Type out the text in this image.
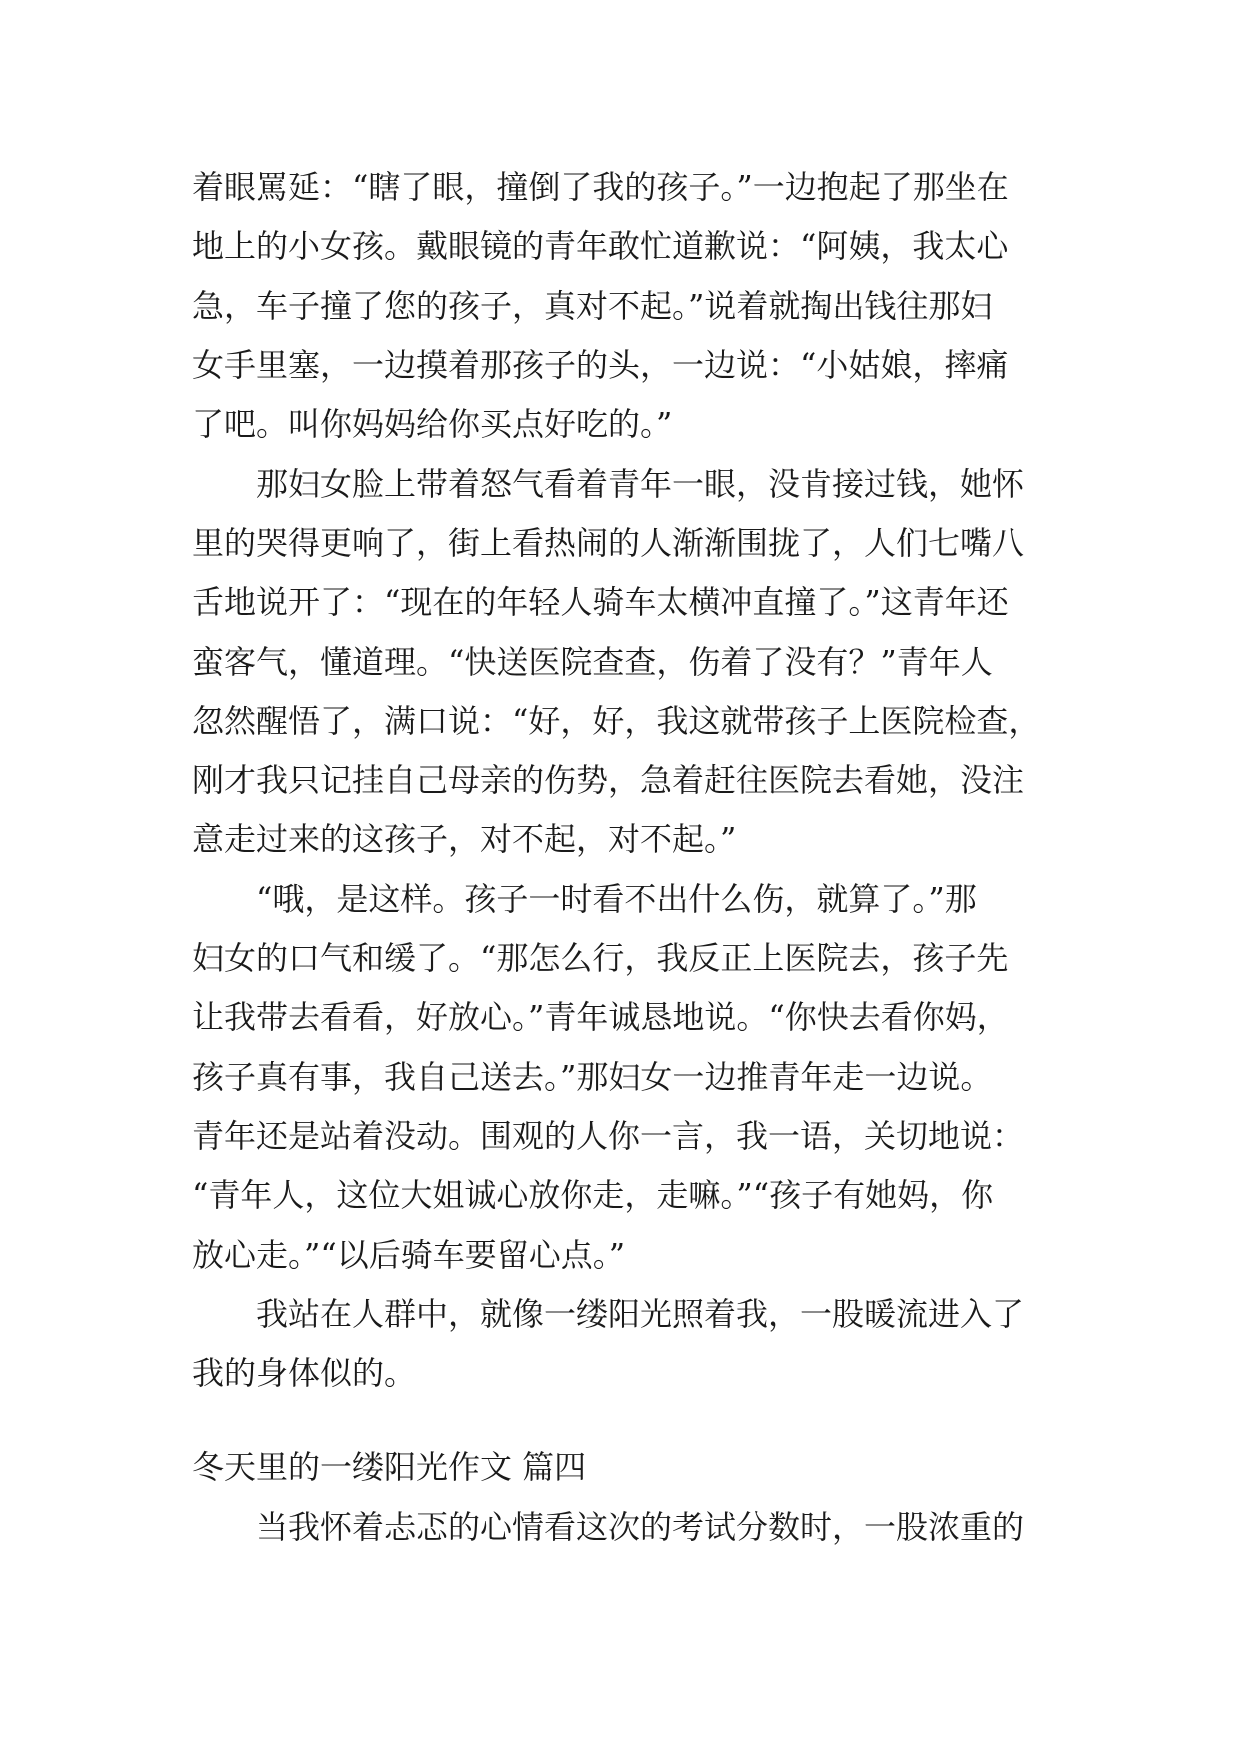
着眼罵延：“瞎了眼，撞倒了我的孩子。”一边抱起了那坐在
地上的小女孩。戴眼镜的青年敢忙道歉说：“阿姨，我太心
急，车子撞了您的孩子，真对不起。”说着就掏出钱往那妇
女手里塞，一边摸着那孩子的头，一边说：“小姑娘，摔痛
了吧。叫你妈妈给你买点好吃的。”
那妇女脸上带着怒气看着青年一眼，没肯接过钱，她怀
里的哭得更响了，街上看热闹的人渐渐围拢了，人们七嘴八
舌地说开了：“现在的年轻人骑车太横冲直撞了。”这青年还
蛮客气，懂道理。“快送医院查查，伤着了没有？”青年人
忽然醒悟了，满口说：“好，好，我这就带孩子上医院检查，
刚才我只记挂自己母亲的伤势，急着赶往医院去看她，没注
意走过来的这孩子，对不起，对不起。”
“哦，是这样。孩子一时看不出什么伤，就算了。”那
妇女的口气和缓了。“那怎么行，我反正上医院去，孩子先
让我带去看看，好放心。”青年诚恳地说。“你快去看你妈，
孩子真有事，我自己送去。”那妇女一边推青年走一边说。
青年还是站着没动。围观的人你一言，我一语，关切地说：
“青年人，这位大姐诚心放你走，走嘛。”“孩子有她妈，你
放心走。”“以后骑车要留心点。”
我站在人群中，就像一缕阳光照着我，一股暖流进入了
我的身体似的。
冬天里的一缕阳光作文 篇四
当我怀着忐忑的心情看这次的考试分数时，一股浓重的
